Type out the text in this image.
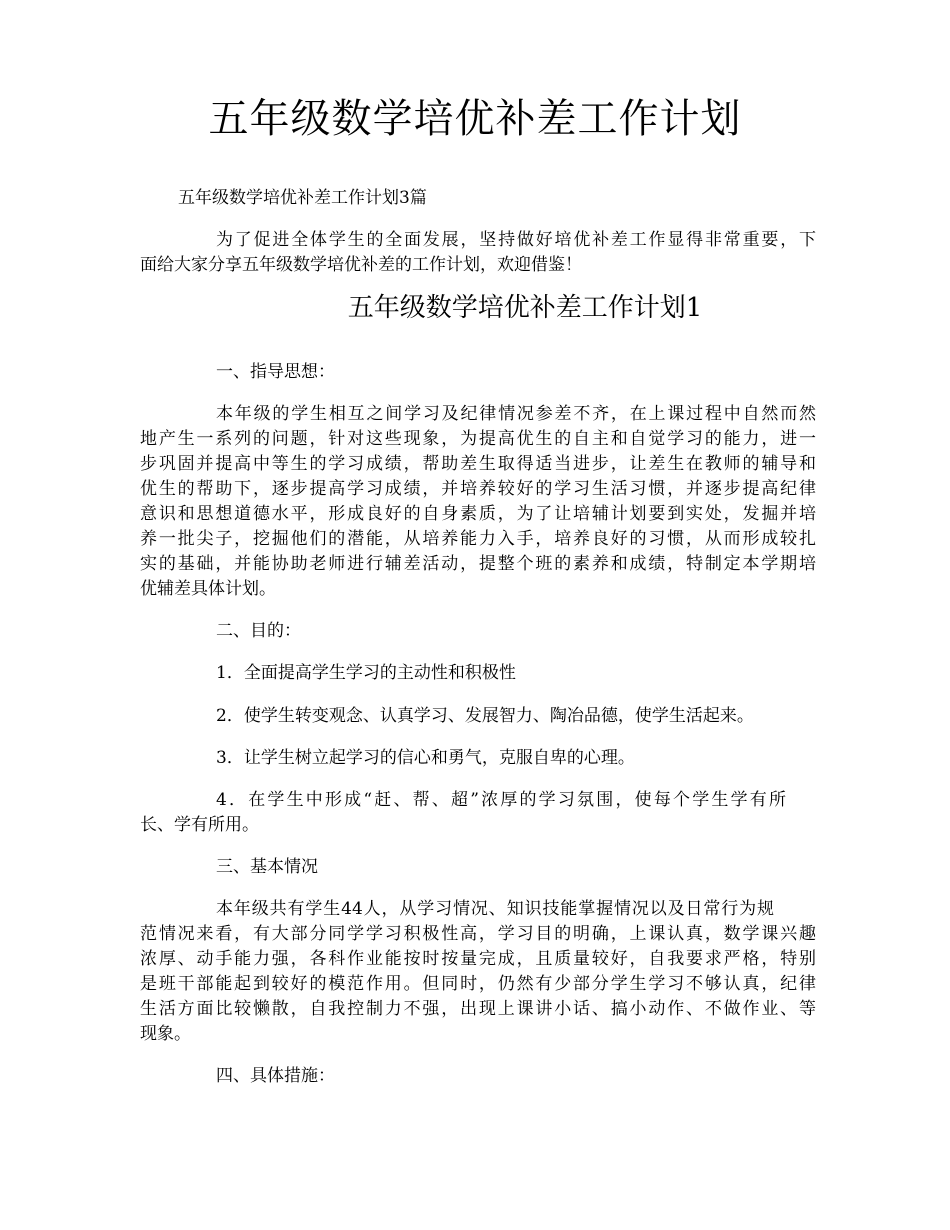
五年级数学培优补差工作计划

五年级数学培优补差工作计划3篇

为了促进全体学生的全面发展，坚持做好培优补差工作显得非常重要，下

面给大家分享五年级数学培优补差的工作计划，欢迎借鉴！

五年级数学培优补差工作计划1

一、指导思想：

本年级的学生相互之间学习及纪律情况参差不齐，在上课过程中自然而然

地产生一系列的问题，针对这些现象，为提高优生的自主和自觉学习的能力，进一

步巩固并提高中等生的学习成绩，帮助差生取得适当进步，让差生在教师的辅导和

优生的帮助下，逐步提高学习成绩，并培养较好的学习生活习惯，并逐步提高纪律

意识和思想道德水平，形成良好的自身素质，为了让培辅计划要到实处，发掘并培

养一批尖子，挖掘他们的潜能，从培养能力入手，培养良好的习惯，从而形成较扎

实的基础，并能协助老师进行辅差活动，提整个班的素养和成绩，特制定本学期培

优辅差具体计划。

二、目的：

1．全面提高学生学习的主动性和积极性

2．使学生转变观念、认真学习、发展智力、陶冶品德，使学生活起来。

3．让学生树立起学习的信心和勇气，克服自卑的心理。

4．在学生中形成“赶、帮、超”浓厚的学习氛围，使每个学生学有所

长、学有所用。

三、基本情况

本年级共有学生44人，从学习情况、知识技能掌握情况以及日常行为规

范情况来看，有大部分同学学习积极性高，学习目的明确，上课认真，数学课兴趣

浓厚、动手能力强，各科作业能按时按量完成，且质量较好，自我要求严格，特别

是班干部能起到较好的模范作用。但同时，仍然有少部分学生学习不够认真，纪律

生活方面比较懒散，自我控制力不强，出现上课讲小话、搞小动作、不做作业、等

现象。

四、具体措施：
